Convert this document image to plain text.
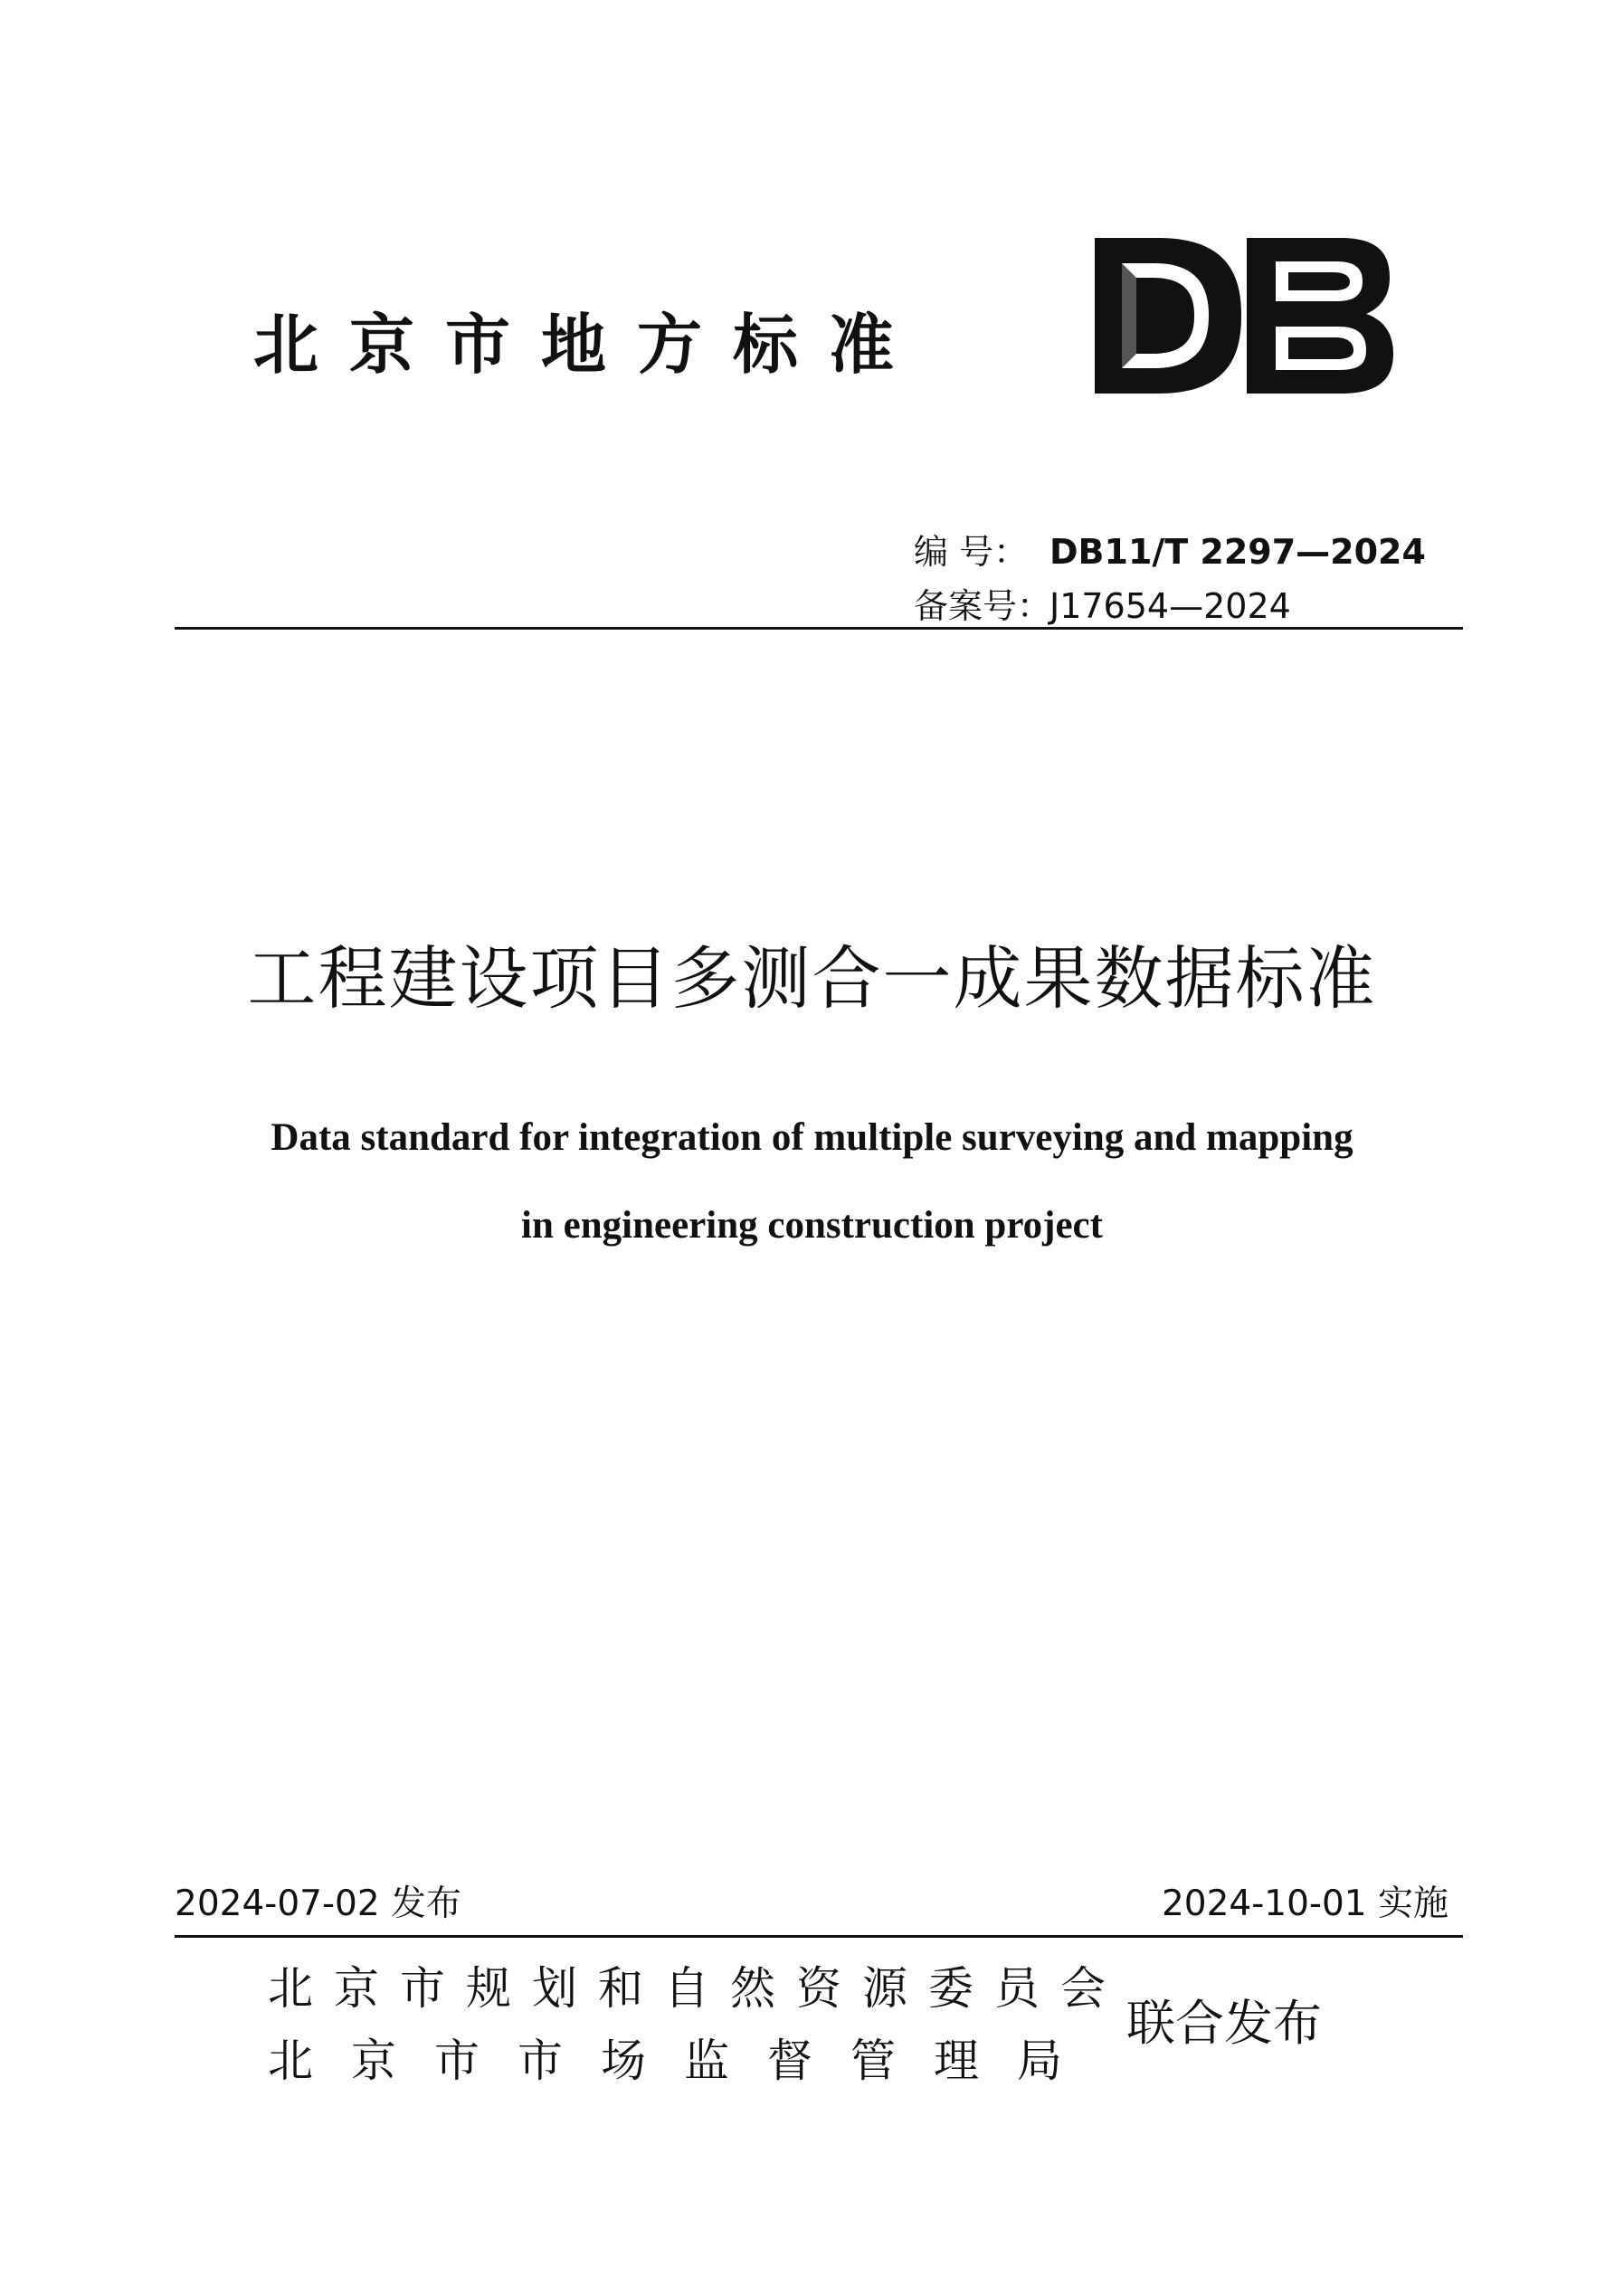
北京市地方标准
编 号： DB11/T 2297—2024
备案号：J17654—2024
工程建设项目多测合一成果数据标准
Data standard for integration of multiple surveying and mapping
in engineering construction project
2024-07-02 发布	2024-10-01 实施
北京市规划和自然资源委员会
北京市市场监督管理局
联合发布
